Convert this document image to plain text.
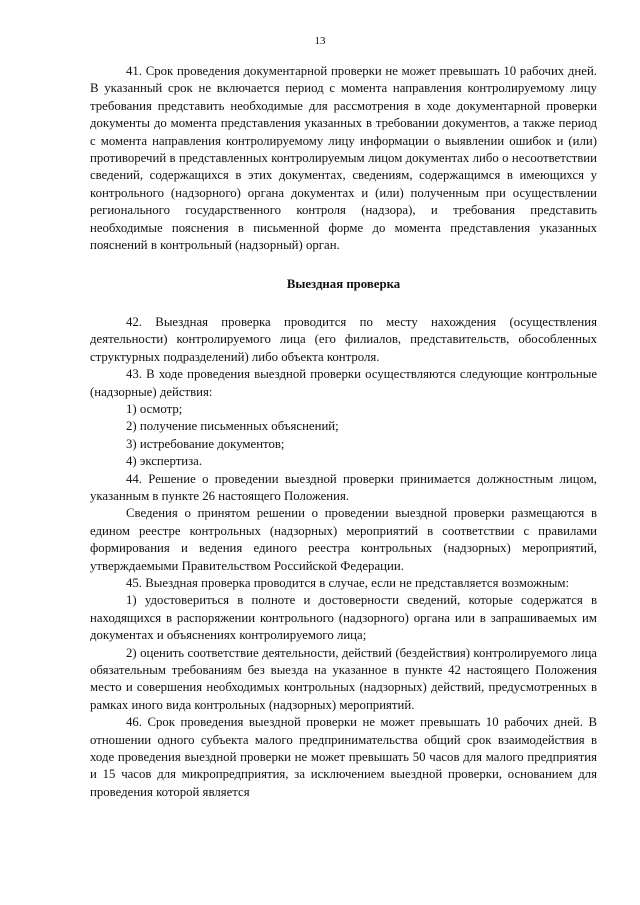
13

41. Срок проведения документарной проверки не может превышать 10 рабочих дней. В указанный срок не включается период с момента направления контролируемому лицу требования представить необходимые для рассмотрения в ходе документарной проверки документы до момента представления указанных в требовании документов, а также период с момента направления контролируемому лицу информации о выявлении ошибок и (или) противоречий в представленных контролируемым лицом документах либо о несоответствии сведений, содержащихся в этих документах, сведениям, содержащимся в имеющихся у контрольного (надзорного) органа документах и (или) полученным при осуществлении регионального государственного контроля (надзора), и требования представить необходимые пояснения в письменной форме до момента представления указанных пояснений в контрольный (надзорный) орган.

Выездная проверка

42. Выездная проверка проводится по месту нахождения (осуществления деятельности) контролируемого лица (его филиалов, представительств, обособленных структурных подразделений) либо объекта контроля.

43. В ходе проведения выездной проверки осуществляются следующие контрольные (надзорные) действия:

1) осмотр;

2) получение письменных объяснений;

3) истребование документов;

4) экспертиза.

44. Решение о проведении выездной проверки принимается должностным лицом, указанным в пункте 26 настоящего Положения.

Сведения о принятом решении о проведении выездной проверки размещаются в едином реестре контрольных (надзорных) мероприятий в соответствии с правилами формирования и ведения единого реестра контрольных (надзорных) мероприятий, утверждаемыми Правительством Российской Федерации.

45. Выездная проверка проводится в случае, если не представляется возможным:

1) удостовериться в полноте и достоверности сведений, которые содержатся в находящихся в распоряжении контрольного (надзорного) органа или в запрашиваемых им документах и объяснениях контролируемого лица;

2) оценить соответствие деятельности, действий (бездействия) контролируемого лица обязательным требованиям без выезда на указанное в пункте 42 настоящего Положения место и совершения необходимых контрольных (надзорных) действий, предусмотренных в рамках иного вида контрольных (надзорных) мероприятий.

46. Срок проведения выездной проверки не может превышать 10 рабочих дней. В отношении одного субъекта малого предпринимательства общий срок взаимодействия в ходе проведения выездной проверки не может превышать 50 часов для малого предприятия и 15 часов для микропредприятия, за исключением выездной проверки, основанием для проведения которой является
